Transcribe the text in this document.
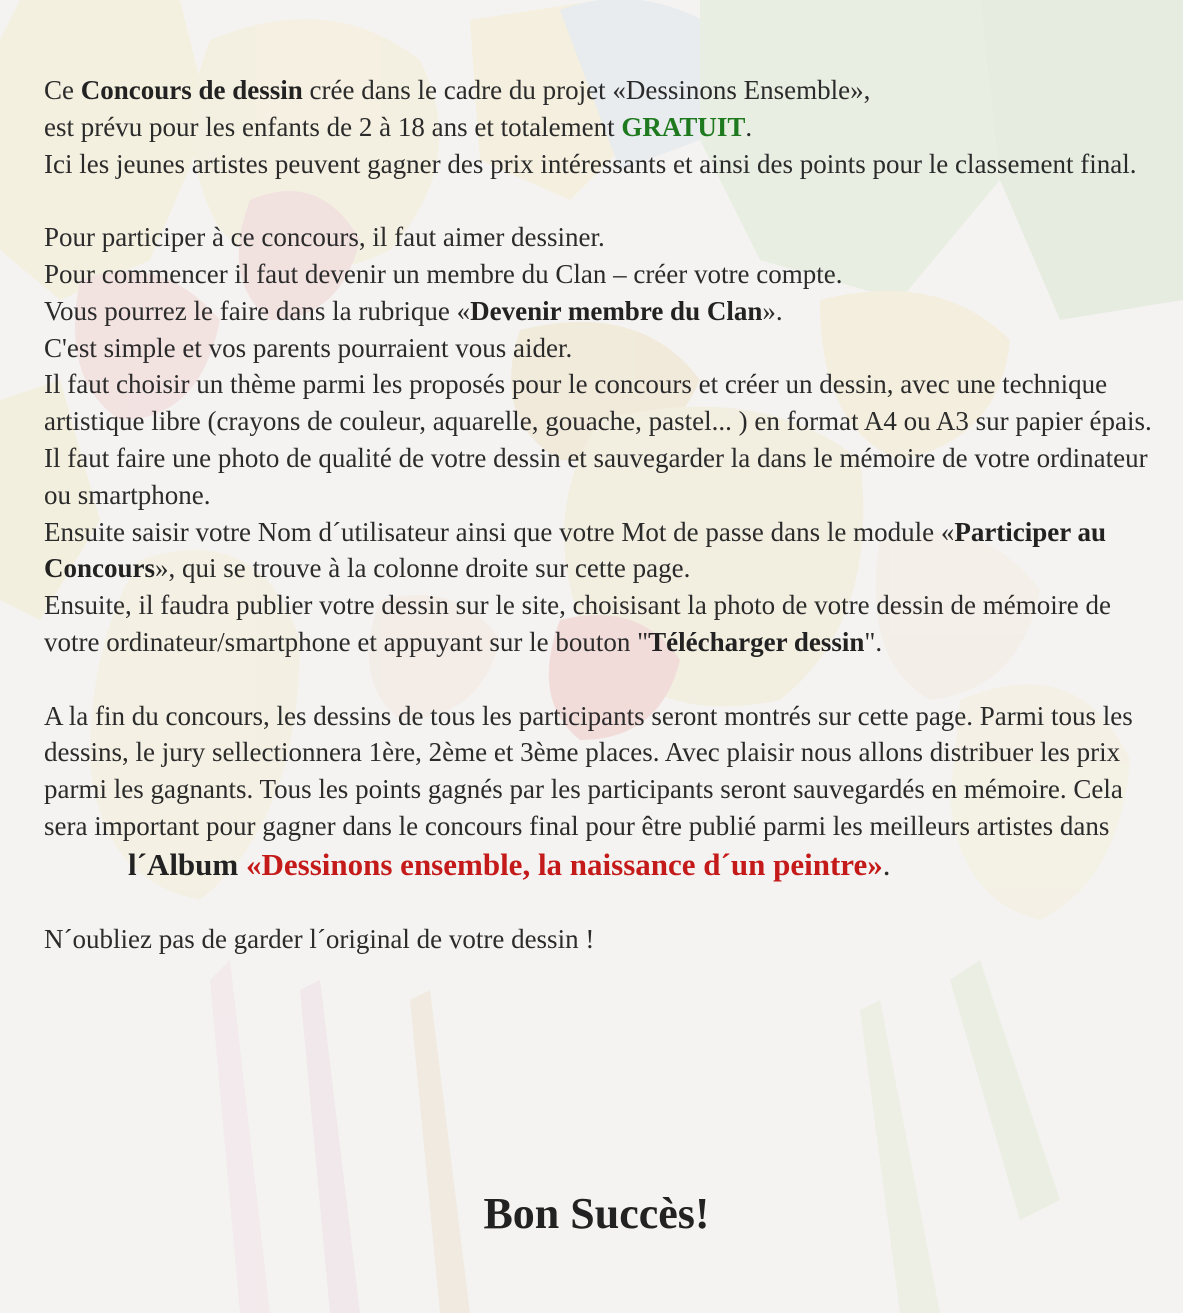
Ce Concours de dessin crée dans le cadre du projet «Dessinons Ensemble»,

est prévu pour les enfants de 2 à 18 ans et totalement GRATUIT.

Ici les jeunes artistes peuvent gagner des prix intéressants et ainsi des points pour le classement final.

Pour participer à ce concours, il faut aimer dessiner.

Pour commencer il faut devenir un membre du Clan – créer votre compte.

Vous pourrez le faire dans la rubrique «Devenir membre du Clan».

C'est simple et vos parents pourraient vous aider.

Il faut choisir un thème parmi les proposés pour le concours et créer un dessin, avec une technique artistique libre (crayons de couleur, aquarelle, gouache, pastel... ) en format A4 ou A3 sur papier épais.

Il faut faire une photo de qualité de votre dessin et sauvegarder la dans le mémoire de votre ordinateur ou smartphone.

Ensuite saisir votre Nom d´utilisateur ainsi que votre Mot de passe dans le module «Participer au Concours», qui se trouve à la colonne droite sur cette page.

Ensuite, il faudra publier votre dessin sur le site, choisisant la photo de votre dessin de mémoire de votre ordinateur/smartphone et appuyant sur le bouton "Télécharger dessin".

A la fin du concours, les dessins de tous les participants seront montrés sur cette page. Parmi tous les dessins, le jury sellectionnera 1ère, 2ème et 3ème places. Avec plaisir nous allons distribuer les prix parmi les gagnants. Tous les points gagnés par les participants seront sauvegardés en mémoire. Cela sera important pour gagner dans le concours final pour être publié parmi les meilleurs artistes dans

l´Album «Dessinons ensemble, la naissance d´un peintre».

N´oubliez pas de garder l´original de votre dessin !

Bon Succès!
